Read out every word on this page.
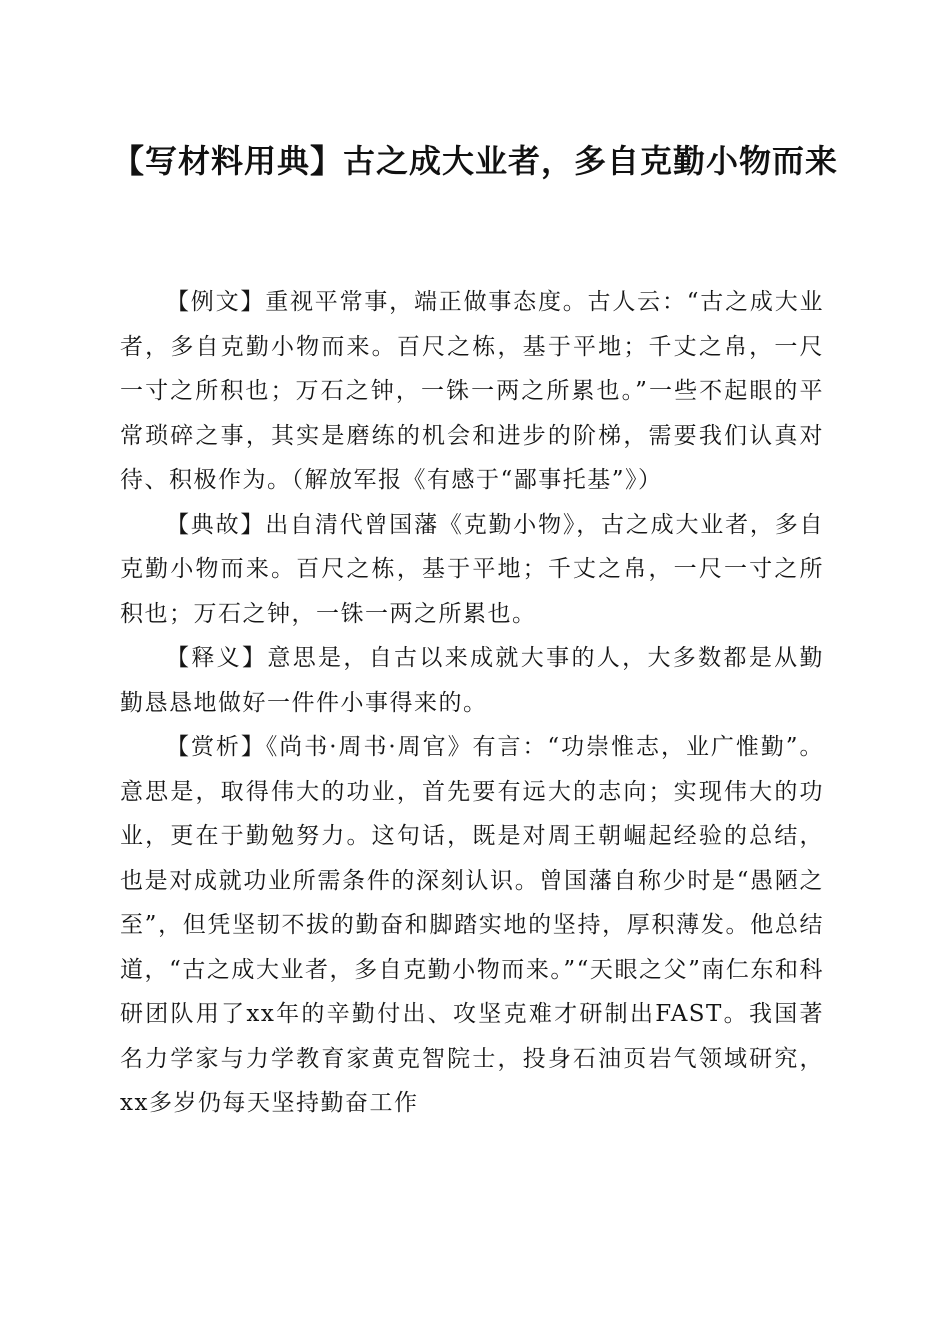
【写材料用典】古之成大业者，多自克勤小物而来

【例文】重视平常事，端正做事态度。古人云：“古之成大业者，多自克勤小物而来。百尺之栋，基于平地；千丈之帛，一尺一寸之所积也；万石之钟，一铢一两之所累也。”一些不起眼的平常琐碎之事，其实是磨练的机会和进步的阶梯，需要我们认真对待、积极作为。（解放军报《有感于“鄙事托基”》）

【典故】出自清代曾国藩《克勤小物》，古之成大业者，多自克勤小物而来。百尺之栋，基于平地；千丈之帛，一尺一寸之所积也；万石之钟，一铢一两之所累也。

【释义】意思是，自古以来成就大事的人，大多数都是从勤勤恳恳地做好一件件小事得来的。

【赏析】《尚书·周书·周官》有言：“功崇惟志，业广惟勤”。意思是，取得伟大的功业，首先要有远大的志向；实现伟大的功业，更在于勤勉努力。这句话，既是对周王朝崛起经验的总结，也是对成就功业所需条件的深刻认识。曾国藩自称少时是“愚陋之至”，但凭坚韧不拔的勤奋和脚踏实地的坚持，厚积薄发。他总结道，“古之成大业者，多自克勤小物而来。”“天眼之父”南仁东和科研团队用了xx年的辛勤付出、攻坚克难才研制出FAST。我国著名力学家与力学教育家黄克智院士，投身石油页岩气领域研究，xx多岁仍每天坚持勤奋工作
